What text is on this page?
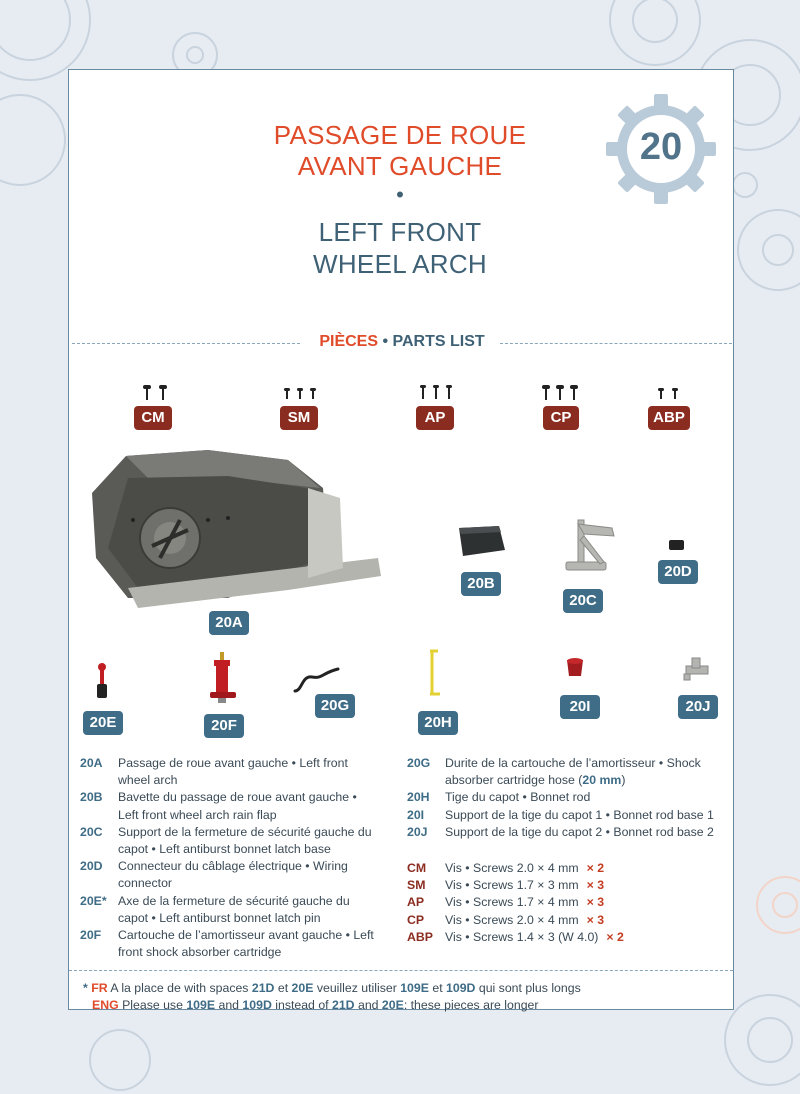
20
PASSAGE DE ROUE
AVANT GAUCHE
•
LEFT FRONT
WHEEL ARCH
PIÈCES • PARTS LIST
CM	SM	AP	CP	ABP
20A
20B
20C
20D
20E	20F
20G
20H
20I	20J
20A	Passage de roue avant gauche • Left front wheel arch
20B	Bavette du passage de roue avant gauche • Left front wheel arch rain flap
20C	Support de la fermeture de sécurité gauche du capot • Left antiburst bonnet latch base
20D	Connecteur du câblage électrique • Wiring connector
20E* Axe de la fermeture de sécurité gauche du capot • Left antiburst bonnet latch pin
20F	Cartouche de l’amortisseur avant gauche • Left front shock absorber cartridge
20G	Durite de la cartouche de l’amortisseur • Shock absorber cartridge hose (20 mm)
20H	Tige du capot • Bonnet rod
20I	Support de la tige du capot 1 • Bonnet rod base 1
20J	Support de la tige du capot 2 • Bonnet rod base 2
CM	Vis • Screws 2.0 × 4 mm × 2
SM	Vis • Screws 1.7 × 3 mm × 3
AP	Vis • Screws 1.7 × 4 mm × 3
CP	Vis • Screws 2.0 × 4 mm × 3
ABP Vis • Screws 1.4 × 3 (W 4.0) × 2
* FR A la place de with spaces 21D et 20E veuillez utiliser 109E et 109D qui sont plus longs
ENG Please use 109E and 109D instead of 21D and 20E: these pieces are longer
